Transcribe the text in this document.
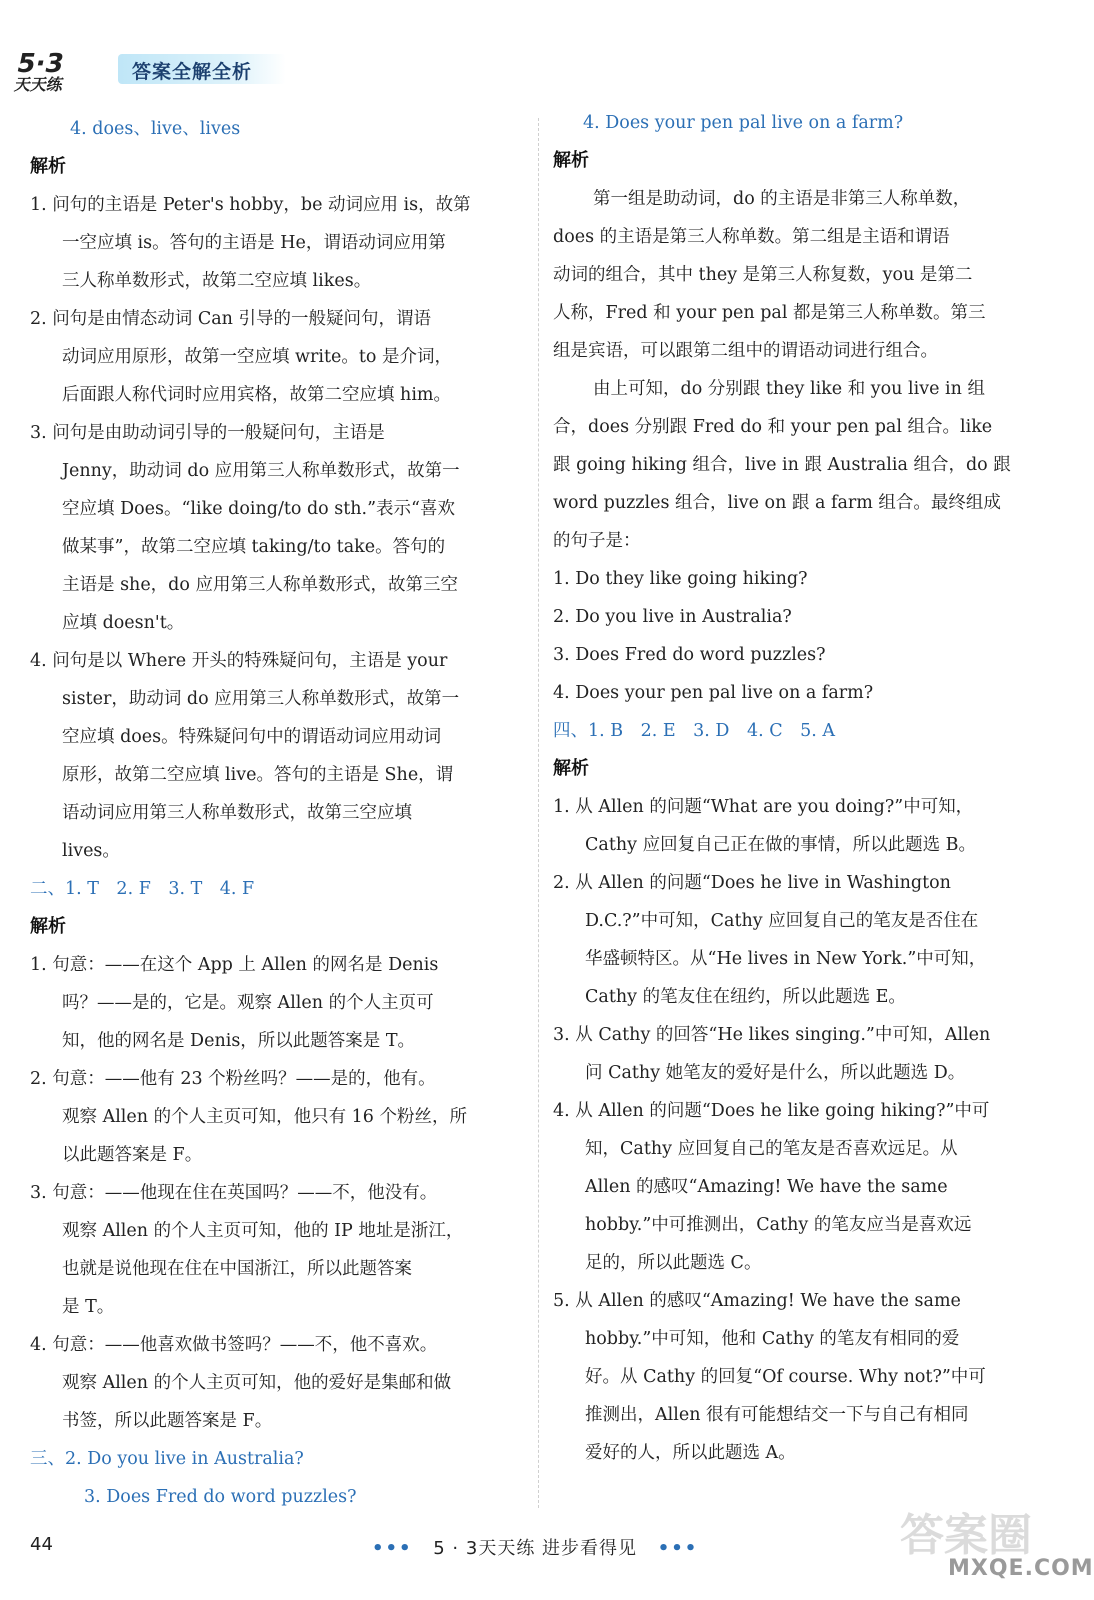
5·3
天天练
答案全解全析
4. does、live、lives
解析
1. 问句的主语是 Peter's hobby，be 动词应用 is，故第
一空应填 is。答句的主语是 He，谓语动词应用第
三人称单数形式，故第二空应填 likes。
2. 问句是由情态动词 Can 引导的一般疑问句，谓语
动词应用原形，故第一空应填 write。to 是介词，
后面跟人称代词时应用宾格，故第二空应填 him。
3. 问句是由助动词引导的一般疑问句，主语是
Jenny，助动词 do 应用第三人称单数形式，故第一
空应填 Does。“like doing/to do sth.”表示“喜欢
做某事”，故第二空应填 taking/to take。答句的
主语是 she，do 应用第三人称单数形式，故第三空
应填 doesn't。
4. 问句是以 Where 开头的特殊疑问句，主语是 your
sister，助动词 do 应用第三人称单数形式，故第一
空应填 does。特殊疑问句中的谓语动词应用动词
原形，故第二空应填 live。答句的主语是 She，谓
语动词应用第三人称单数形式，故第三空应填
lives。
二、1. T　2. F　3. T　4. F
解析
1. 句意：——在这个 App 上 Allen 的网名是 Denis
吗？——是的，它是。观察 Allen 的个人主页可
知，他的网名是 Denis，所以此题答案是 T。
2. 句意：——他有 23 个粉丝吗？——是的，他有。
观察 Allen 的个人主页可知，他只有 16 个粉丝，所
以此题答案是 F。
3. 句意：——他现在住在英国吗？——不，他没有。
观察 Allen 的个人主页可知，他的 IP 地址是浙江，
也就是说他现在住在中国浙江，所以此题答案
是 T。
4. 句意：——他喜欢做书签吗？——不，他不喜欢。
观察 Allen 的个人主页可知，他的爱好是集邮和做
书签，所以此题答案是 F。
三、2. Do you live in Australia?
3. Does Fred do word puzzles?
4. Does your pen pal live on a farm?
解析
第一组是助动词，do 的主语是非第三人称单数，
does 的主语是第三人称单数。第二组是主语和谓语
动词的组合，其中 they 是第三人称复数，you 是第二
人称，Fred 和 your pen pal 都是第三人称单数。第三
组是宾语，可以跟第二组中的谓语动词进行组合。
由上可知，do 分别跟 they like 和 you live in 组
合，does 分别跟 Fred do 和 your pen pal 组合。like
跟 going hiking 组合，live in 跟 Australia 组合，do 跟
word puzzles 组合，live on 跟 a farm 组合。最终组成
的句子是：
1. Do they like going hiking?
2. Do you live in Australia?
3. Does Fred do word puzzles?
4. Does your pen pal live on a farm?
四、1. B　2. E　3. D　4. C　5. A
解析
1. 从 Allen 的问题“What are you doing?”中可知，
Cathy 应回复自己正在做的事情，所以此题选 B。
2. 从 Allen 的问题“Does he live in Washington
D.C.?”中可知，Cathy 应回复自己的笔友是否住在
华盛顿特区。从“He lives in New York.”中可知，
Cathy 的笔友住在纽约，所以此题选 E。
3. 从 Cathy 的回答“He likes singing.”中可知，Allen
问 Cathy 她笔友的爱好是什么，所以此题选 D。
4. 从 Allen 的问题“Does he like going hiking?”中可
知，Cathy 应回复自己的笔友是否喜欢远足。从
Allen 的感叹“Amazing! We have the same
hobby.”中可推测出，Cathy 的笔友应当是喜欢远
足的，所以此题选 C。
5. 从 Allen 的感叹“Amazing! We have the same
hobby.”中可知，他和 Cathy 的笔友有相同的爱
好。从 Cathy 的回复“Of course. Why not?”中可
推测出，Allen 很有可能想结交一下与自己有相同
爱好的人，所以此题选 A。
44	••• 5 · 3天天练 进步看得见 •••	答案圈
MXQE.COM
